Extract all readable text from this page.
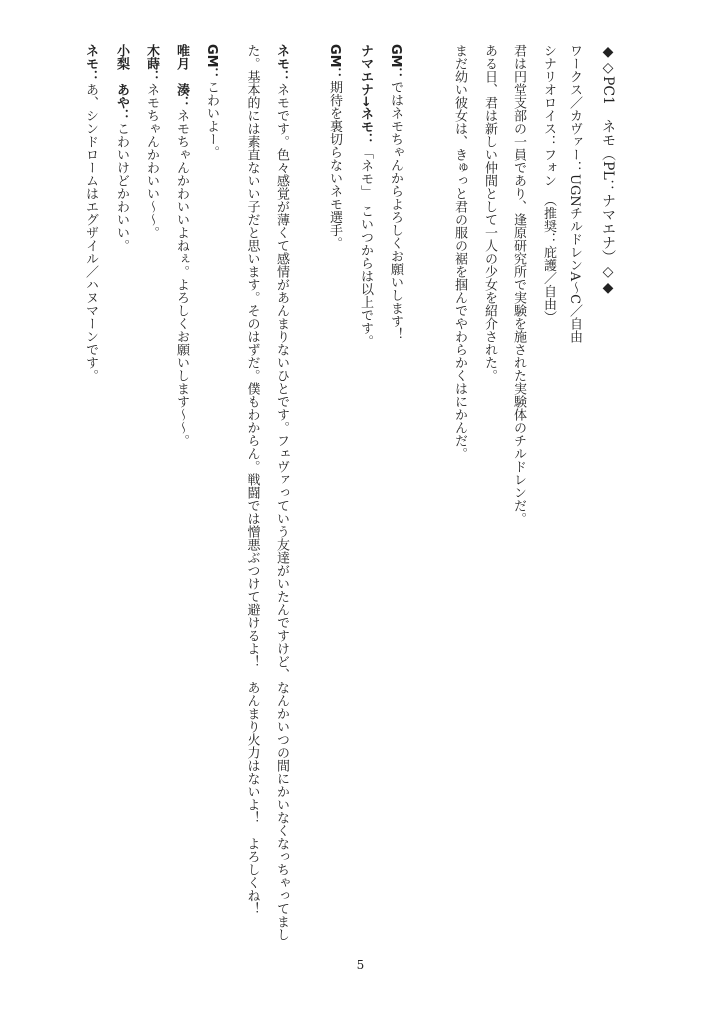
◆◇PC1　ネモ（PL：ナマエナ）◇◆
ワークス／カヴァー：UGNチルドレンA〜C／自由
シナリオロイス：フォン　（推奨：庇護／自由）
君は円堂支部の一員であり、逢原研究所で実験を施された実験体のチルドレンだ。
ある日、君は新しい仲間として一人の少女を紹介された。
まだ幼い彼女は、きゅっと君の服の裾を掴んでやわらかくはにかんだ。
GM：ではネモちゃんからよろしくお願いします！
ナマエナ→ネモ：「ネモ」　こいつからは以上です。
GM：期待を裏切らないネモ選手。
ネモ：ネモです。色々感覚が薄くて感情があんまりないひとです。フェヴァっていう友達がいたんですけど、なんかいつの間にかいなくなっちゃってました。基本的には素直ないい子だと思います。そのはずだ。僕もわからん。戦闘では憎悪ぶつけて避けるよ！　あんまり火力はないよ！　よろしくね！
GM：こわいよー。
唯月　湊：ネモちゃんかわいいよねぇ。よろしくお願いします〜〜。
木蒔：ネモちゃんかわいい〜〜。
小梨　あや：こわいけどかわいい。
ネモ：あ、シンドロームはエグザイル／ハヌマーンです。
5
